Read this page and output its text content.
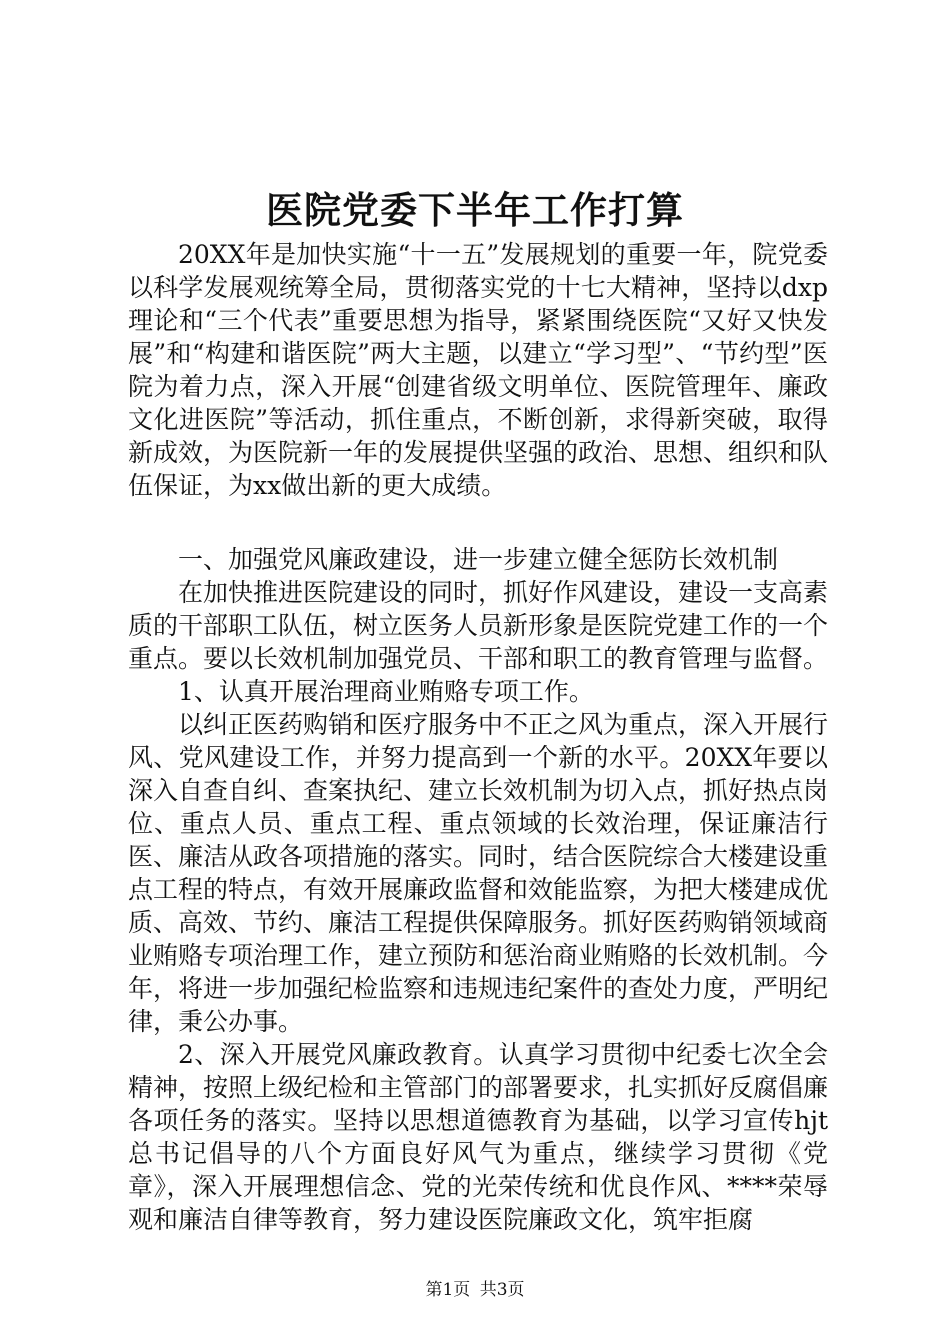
医院党委下半年工作打算

20XX年是加快实施“十一五”发展规划的重要一年，院党委以科学发展观统筹全局，贯彻落实党的十七大精神，坚持以dxp理论和“三个代表”重要思想为指导，紧紧围绕医院“又好又快发展”和“构建和谐医院”两大主题，以建立“学习型”、“节约型”医院为着力点，深入开展“创建省级文明单位、医院管理年、廉政文化进医院”等活动，抓住重点，不断创新，求得新突破，取得新成效，为医院新一年的发展提供坚强的政治、思想、组织和队伍保证，为xx做出新的更大成绩。

一、加强党风廉政建设，进一步建立健全惩防长效机制

在加快推进医院建设的同时，抓好作风建设，建设一支高素质的干部职工队伍，树立医务人员新形象是医院党建工作的一个重点。要以长效机制加强党员、干部和职工的教育管理与监督。

1、认真开展治理商业贿赂专项工作。

以纠正医药购销和医疗服务中不正之风为重点，深入开展行风、党风建设工作，并努力提高到一个新的水平。20XX年要以深入自查自纠、查案执纪、建立长效机制为切入点，抓好热点岗位、重点人员、重点工程、重点领域的长效治理，保证廉洁行医、廉洁从政各项措施的落实。同时，结合医院综合大楼建设重点工程的特点，有效开展廉政监督和效能监察，为把大楼建成优质、高效、节约、廉洁工程提供保障服务。抓好医药购销领域商业贿赂专项治理工作，建立预防和惩治商业贿赂的长效机制。今年，将进一步加强纪检监察和违规违纪案件的查处力度，严明纪律，秉公办事。

2、深入开展党风廉政教育。认真学习贯彻中纪委七次全会精神，按照上级纪检和主管部门的部署要求，扎实抓好反腐倡廉各项任务的落实。坚持以思想道德教育为基础，以学习宣传hjt总书记倡导的八个方面良好风气为重点，继续学习贯彻《党章》，深入开展理想信念、党的光荣传统和优良作风、****荣辱观和廉洁自律等教育，努力建设医院廉政文化，筑牢拒腐

第1页 共3页
